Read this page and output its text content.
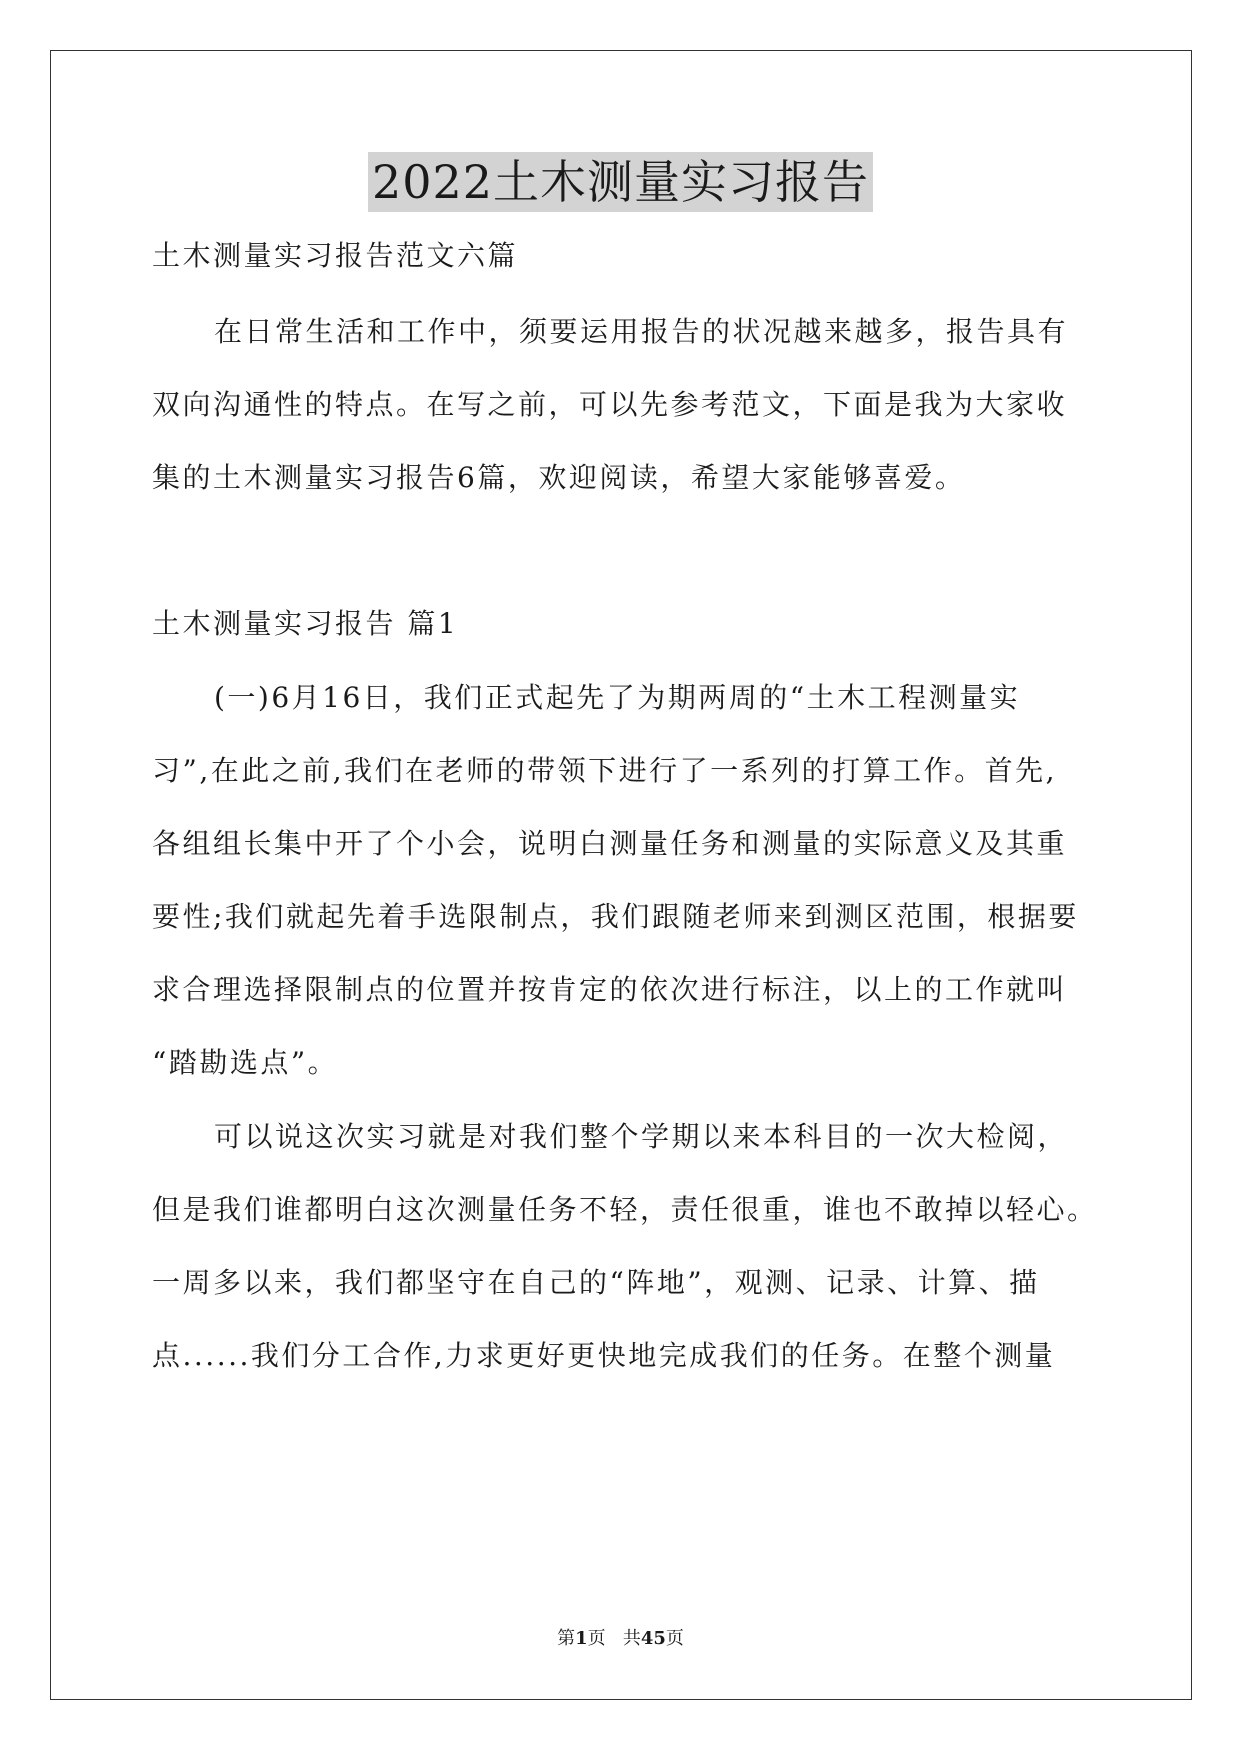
2022土木测量实习报告

土木测量实习报告范文六篇

在日常生活和工作中，须要运用报告的状况越来越多，报告具有

双向沟通性的特点。在写之前，可以先参考范文，下面是我为大家收

集的土木测量实习报告6篇，欢迎阅读，希望大家能够喜爱。

土木测量实习报告 篇1

(一)6月16日，我们正式起先了为期两周的“土木工程测量实

习”,在此之前,我们在老师的带领下进行了一系列的打算工作。首先,

各组组长集中开了个小会，说明白测量任务和测量的实际意义及其重

要性;我们就起先着手选限制点，我们跟随老师来到测区范围，根据要

求合理选择限制点的位置并按肯定的依次进行标注，以上的工作就叫

“踏勘选点”。

可以说这次实习就是对我们整个学期以来本科目的一次大检阅，

但是我们谁都明白这次测量任务不轻，责任很重，谁也不敢掉以轻心。

一周多以来，我们都坚守在自己的“阵地”，观测、记录、计算、描

点......我们分工合作,力求更好更快地完成我们的任务。在整个测量

第1页 共45页
